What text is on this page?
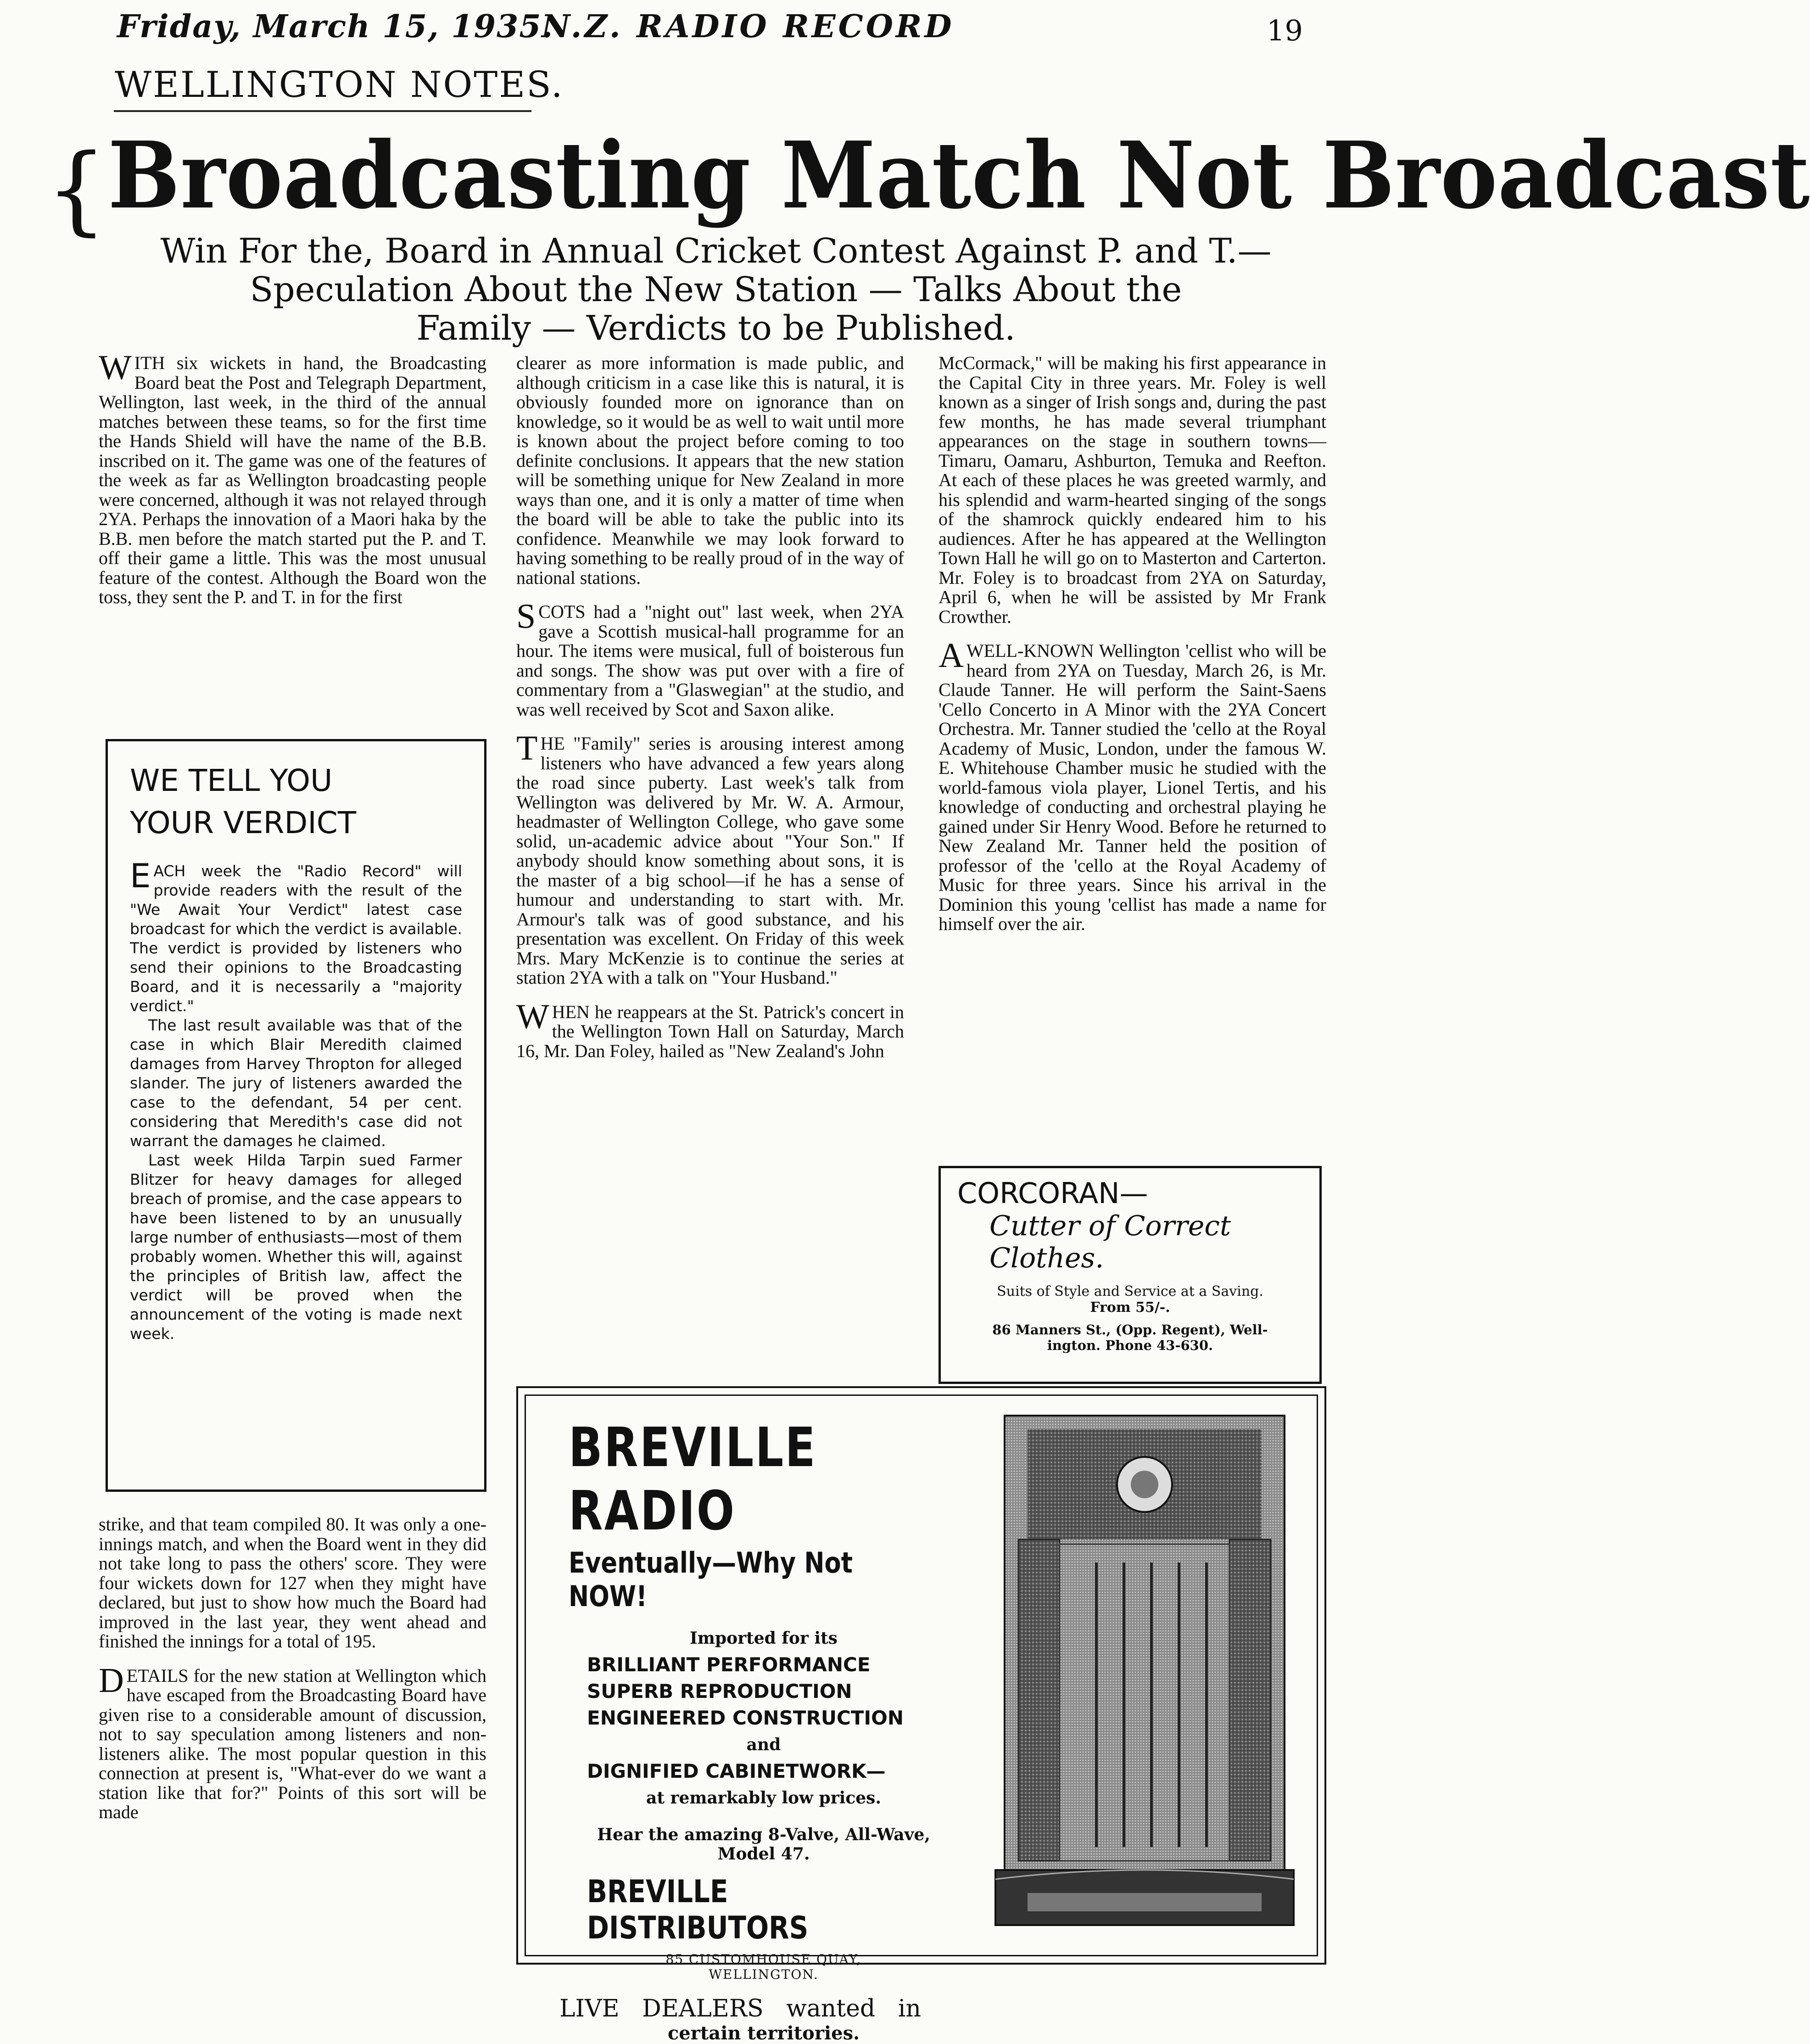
Friday, March 15, 1935.
N.Z. RADIO RECORD	19
WELLINGTON NOTES.
{ Broadcasting Match Not Broadcast
Win For the, Board in Annual Cricket Contest Against P. and T.—
Speculation About the New Station — Talks About the
Family — Verdicts to be Published.

WITH six wickets in hand, the Broadcasting Board beat the Post and Telegraph Department, Wellington, last week, in the third of the annual matches between these teams, so for the first time the Hands Shield will have the name of the B.B. inscribed on it. The game was one of the features of the week as far as Wellington broadcasting people were concerned, although it was not relayed through 2YA. Perhaps the innovation of a Maori haka by the B.B. men before the match started put the P. and T. off their game a little. This was the most unusual feature of the contest. Although the Board won the toss, they sent the P. and T. in for the first

WE TELL YOU
YOUR VERDICT

EACH week the "Radio Record" will provide readers with the result of the "We Await Your Verdict" latest case broadcast for which the verdict is available. The verdict is provided by listeners who send their opinions to the Broadcasting Board, and it is necessarily a "majority verdict."

The last result available was that of the case in which Blair Meredith claimed damages from Harvey Thropton for alleged slander. The jury of listeners awarded the case to the defendant, 54 per cent. considering that Meredith's case did not warrant the damages he claimed.

Last week Hilda Tarpin sued Farmer Blitzer for heavy damages for alleged breach of promise, and the case appears to have been listened to by an unusually large number of enthusiasts—most of them probably women. Whether this will, against the principles of British law, affect the verdict will be proved when the announcement of the voting is made next week.

strike, and that team compiled 80. It was only a one-innings match, and when the Board went in they did not take long to pass the others' score. They were four wickets down for 127 when they might have declared, but just to show how much the Board had improved in the last year, they went ahead and finished the innings for a total of 195.

DETAILS for the new station at Wellington which have escaped from the Broadcasting Board have given rise to a considerable amount of discussion, not to say speculation among listeners and non-listeners alike. The most popular question in this connection at present is, "What-ever do we want a station like that for?" Points of this sort will be made

clearer as more information is made public, and although criticism in a case like this is natural, it is obviously founded more on ignorance than on knowledge, so it would be as well to wait until more is known about the project before coming to too definite conclusions. It appears that the new station will be something unique for New Zealand in more ways than one, and it is only a matter of time when the board will be able to take the public into its confidence. Meanwhile we may look forward to having something to be really proud of in the way of national stations.

SCOTS had a "night out" last week, when 2YA gave a Scottish musical-hall programme for an hour. The items were musical, full of boisterous fun and songs. The show was put over with a fire of commentary from a "Glaswegian" at the studio, and was well received by Scot and Saxon alike.

THE "Family" series is arousing interest among listeners who have advanced a few years along the road since puberty. Last week's talk from Wellington was delivered by Mr. W. A. Armour, headmaster of Wellington College, who gave some solid, un-academic advice about "Your Son." If anybody should know something about sons, it is the master of a big school—if he has a sense of humour and understanding to start with. Mr. Armour's talk was of good substance, and his presentation was excellent. On Friday of this week Mrs. Mary McKenzie is to continue the series at station 2YA with a talk on "Your Husband."

WHEN he reappears at the St. Patrick's concert in the Wellington Town Hall on Saturday, March 16, Mr. Dan Foley, hailed as "New Zealand's John

McCormack," will be making his first appearance in the Capital City in three years. Mr. Foley is well known as a singer of Irish songs and, during the past few months, he has made several triumphant appearances on the stage in southern towns—Timaru, Oamaru, Ashburton, Temuka and Reefton. At each of these places he was greeted warmly, and his splendid and warm-hearted singing of the songs of the shamrock quickly endeared him to his audiences. After he has appeared at the Wellington Town Hall he will go on to Masterton and Carterton. Mr. Foley is to broadcast from 2YA on Saturday, April 6, when he will be assisted by Mr Frank Crowther.

AWELL-KNOWN Wellington 'cellist who will be heard from 2YA on Tuesday, March 26, is Mr. Claude Tanner. He will perform the Saint-Saens 'Cello Concerto in A Minor with the 2YA Concert Orchestra. Mr. Tanner studied the 'cello at the Royal Academy of Music, London, under the famous W. E. Whitehouse Chamber music he studied with the world-famous viola player, Lionel Tertis, and his knowledge of conducting and orchestral playing he gained under Sir Henry Wood. Before he returned to New Zealand Mr. Tanner held the position of professor of the 'cello at the Royal Academy of Music for three years. Since his arrival in the Dominion this young 'cellist has made a name for himself over the air.

CORCORAN—
Cutter of Correct
Clothes.
Suits of Style and Service at a Saving.
From 55/-.
86 Manners St., (Opp. Regent), Well-
ington. Phone 43-630.
BREVILLE RADIO
Eventually—Why Not NOW!
Imported for its
BRILLIANT PERFORMANCE
SUPERB REPRODUCTION
ENGINEERED CONSTRUCTION
and
DIGNIFIED CABINETWORK—
at remarkably low prices.
Hear the amazing 8-Valve, All-Wave,
Model 47.
BREVILLE DISTRIBUTORS
85 CUSTOMHOUSE QUAY,
WELLINGTON.
LIVE   DEALERS   wanted   in
certain territories.
